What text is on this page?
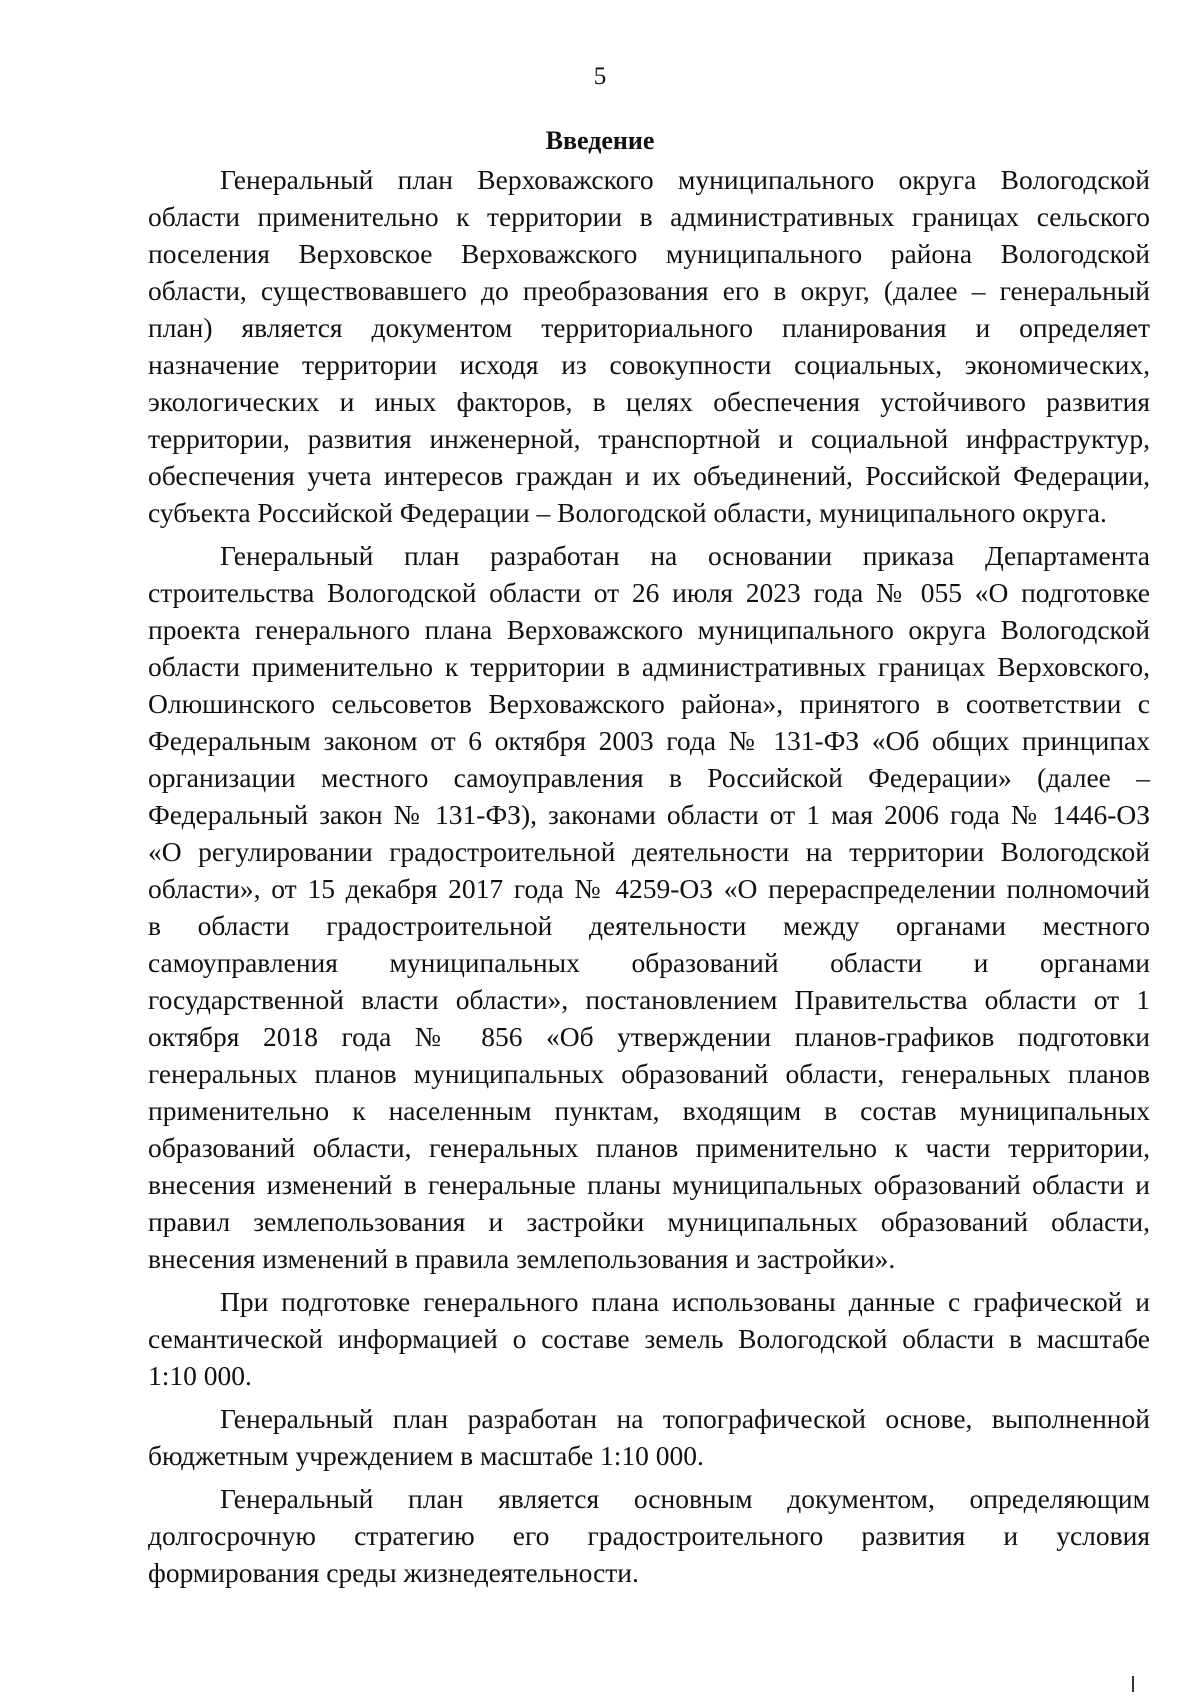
5
Введение
Генеральный план Верховажского муниципального округа Вологодской
области применительно к территории в административных границах сельского
поселения Верховское Верховажского муниципального района Вологодской
области, существовавшего до преобразования его в округ, (далее – генеральный
план) является документом территориального планирования и определяет
назначение территории исходя из совокупности социальных, экономических,
экологических и иных факторов, в целях обеспечения устойчивого развития
территории, развития инженерной, транспортной и социальной инфраструктур,
обеспечения учета интересов граждан и их объединений, Российской Федерации,
субъекта Российской Федерации – Вологодской области, муниципального округа.
Генеральный план разработан на основании приказа Департамента
строительства Вологодской области от 26 июля 2023 года № 055 «О подготовке
проекта генерального плана Верховажского муниципального округа Вологодской
области применительно к территории в административных границах Верховского,
Олюшинского сельсоветов Верховажского района», принятого в соответствии с
Федеральным законом от 6 октября 2003 года № 131-ФЗ «Об общих принципах
организации местного самоуправления в Российской Федерации» (далее –
Федеральный закон № 131-ФЗ), законами области от 1 мая 2006 года № 1446-ОЗ
«О регулировании градостроительной деятельности на территории Вологодской
области», от 15 декабря 2017 года № 4259-ОЗ «О перераспределении полномочий
в области градостроительной деятельности между органами местного
самоуправления муниципальных образований области и органами
государственной власти области», постановлением Правительства области от 1
октября 2018 года № 856 «Об утверждении планов-графиков подготовки
генеральных планов муниципальных образований области, генеральных планов
применительно к населенным пунктам, входящим в состав муниципальных
образований области, генеральных планов применительно к части территории,
внесения изменений в генеральные планы муниципальных образований области и
правил землепользования и застройки муниципальных образований области,
внесения изменений в правила землепользования и застройки».
При подготовке генерального плана использованы данные с графической и
семантической информацией о составе земель Вологодской области в масштабе
1:10 000.
Генеральный план разработан на топографической основе, выполненной
бюджетным учреждением в масштабе 1:10 000.
Генеральный план является основным документом, определяющим
долгосрочную стратегию его градостроительного развития и условия
формирования среды жизнедеятельности.
